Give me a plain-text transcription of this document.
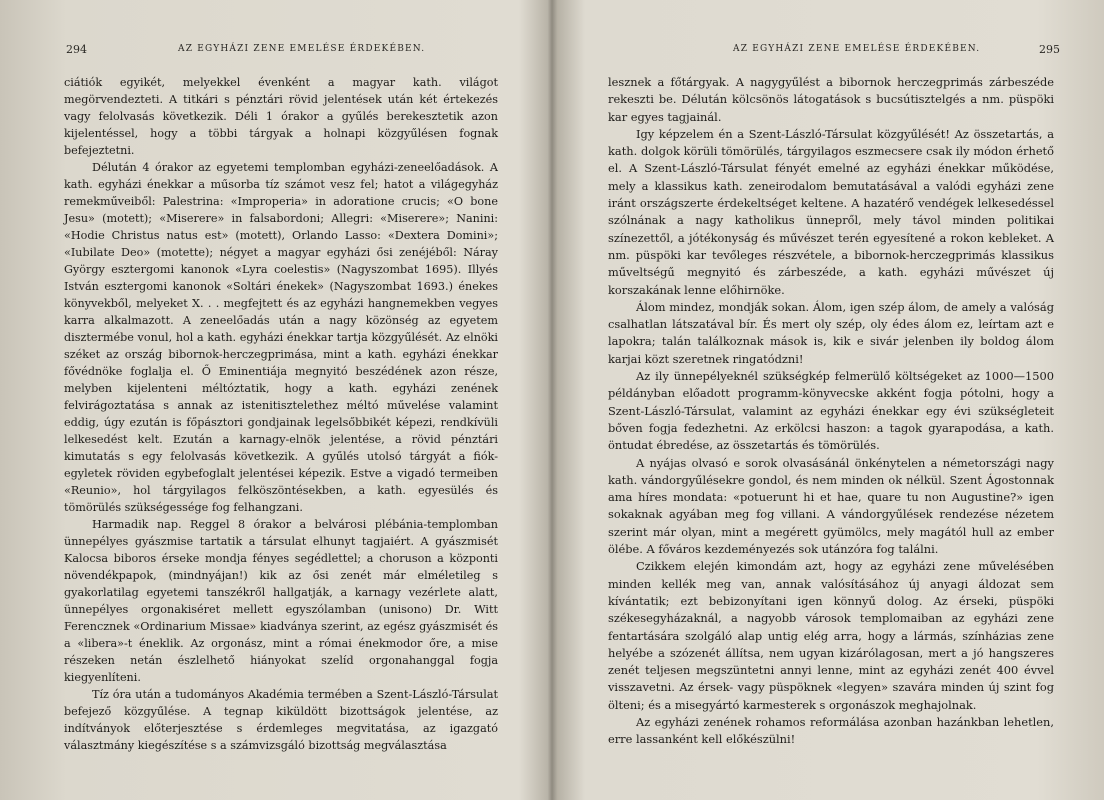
294	AZ EGYHÁZI ZENE EMELÉSE ÉRDEKÉBEN.

ciátiók egyikét, melyekkel évenként a magyar kath. világot megörvendezteti. A titkári s pénztári rövid jelentések után két értekezés vagy felolvasás következik. Déli 1 órakor a gyűlés berekesztetik azon kijelentéssel, hogy a többi tárgyak a holnapi közgyűlésen fognak befejeztetni.

Délután 4 órakor az egyetemi templomban egyházi-zeneelőadások. A kath. egyházi énekkar a műsorba tíz számot vesz fel; hatot a világegyház remekműveiből: Palestrina: «Improperia» in adoratione crucis; «O bone Jesu» (motett); «Miserere» in falsabordoni; Allegri: «Miserere»; Nanini: «Hodie Christus natus est» (motett), Orlando Lasso: «Dextera Domini»; «Iubilate Deo» (motette); négyet a magyar egyházi ősi zenéjéből: Náray György esztergomi kanonok «Lyra coelestis» (Nagyszombat 1695). Illyés István esztergomi kanonok «Soltári énekek» (Nagyszombat 1693.) énekes könyvekből, melyeket X. . . megfejtett és az egyházi hangnemekben vegyes karra alkalmazott. A zeneelőadás után a nagy közönség az egyetem disztermébe vonul, hol a kath. egyházi énekkar tartja közgyűlését. Az elnöki széket az ország bibornok-herczegprimása, mint a kath. egyházi énekkar fővédnöke foglalja el. Ő Eminentiája megnyitó beszédének azon része, melyben kijelenteni méltóztatik, hogy a kath. egyházi zenének felvirágoztatása s annak az istenitisztelethez méltó művelése valamint eddig, úgy ezután is főpásztori gondjainak legelsőbbikét képezi, rendkívüli lelkesedést kelt. Ezután a karnagy-elnök jelentése, a rövid pénztári kimutatás s egy felolvasás következik. A gyűlés utolsó tárgyát a fiók-egyletek röviden egybefoglalt jelentései képezik. Estve a vigadó termeiben «Reunio», hol tárgyilagos felköszöntésekben, a kath. egyesülés és tömörülés szükségessége fog felhangzani.

Harmadik nap. Reggel 8 órakor a belvárosi plébánia-templomban ünnepélyes gyászmise tartatik a társulat elhunyt tagjaiért. A gyászmisét Kalocsa biboros érseke mondja fényes segédlettel; a choruson a központi növendékpapok, (mindnyájan!) kik az ősi zenét már elméletileg s gyakorlatilag egyetemi tanszékről hallgatják, a karnagy vezérlete alatt, ünnepélyes orgonakiséret mellett egyszólamban (unisono) Dr. Witt Ferencznek «Ordinarium Missae» kiadványa szerint, az egész gyászmisét és a «libera»-t éneklik. Az orgonász, mint a római énekmodor őre, a mise részeken netán észlelhető hiányokat szelíd orgonahanggal fogja kiegyenlíteni.

Tíz óra után a tudományos Akadémia termében a Szent-László-Társulat befejező közgyűlése. A tegnap kiküldött bizottságok jelentése, az indítványok előterjesztése s érdemleges megvitatása, az igazgató választmány kiegészítése s a számvizsgáló bizottság megválasztása

AZ EGYHÁZI ZENE EMELÉSE ÉRDEKÉBEN.	295

lesznek a főtárgyak. A nagygyűlést a bibornok herczegprimás zárbeszéde rekeszti be. Délután kölcsönös látogatások s bucsútisztelgés a nm. püspöki kar egyes tagjainál.

Igy képzelem én a Szent-László-Társulat közgyűlését! Az összetartás, a kath. dolgok körüli tömörülés, tárgyilagos eszmecsere csak ily módon érhető el. A Szent-László-Társulat fényét emelné az egyházi énekkar működése, mely a klassikus kath. zeneirodalom bemutatásával a valódi egyházi zene iránt országszerte érdekeltséget keltene. A hazatérő vendégek lelkesedéssel szólnának a nagy katholikus ünnepről, mely távol minden politikai színezettől, a jótékonyság és művészet terén egyesítené a rokon kebleket. A nm. püspöki kar tevőleges részvétele, a bibornok-herczegprimás klassikus műveltségű megnyitó és zárbeszéde, a kath. egyházi művészet új korszakának lenne előhirnöke.

Álom mindez, mondják sokan. Álom, igen szép álom, de amely a valóság csalhatlan látszatával bír. És mert oly szép, oly édes álom ez, leírtam azt e lapokra; talán találkoznak mások is, kik e sivár jelenben ily boldog álom karjai közt szeretnek ringatódzni!

Az ily ünnepélyeknél szükségkép felmerülő költségeket az 1000—1500 példányban előadott programm-könyvecske akként fogja pótolni, hogy a Szent-László-Társulat, valamint az egyházi énekkar egy évi szükségleteit bőven fogja fedezhetni. Az erkölcsi haszon: a tagok gyarapodása, a kath. öntudat ébredése, az összetartás és tömörülés.

A nyájas olvasó e sorok olvasásánál önkénytelen a németországi nagy kath. vándorgyűlésekre gondol, és nem minden ok nélkül. Szent Ágostonnak ama híres mondata: «potuerunt hi et hae, quare tu non Augustine?» igen sokaknak agyában meg fog villani. A vándorgyűlések rendezése nézetem szerint már olyan, mint a megérett gyümölcs, mely magától hull az ember ölébe. A főváros kezdeményezés sok utánzóra fog találni.

Czikkem elején kimondám azt, hogy az egyházi zene művelésében minden kellék meg van, annak valósításához új anyagi áldozat sem kívántatik; ezt bebizonyítani igen könnyű dolog. Az érseki, püspöki székesegyházaknál, a nagyobb városok templomaiban az egyházi zene fentartására szolgáló alap untig elég arra, hogy a lármás, színházias zene helyébe a szózenét állítsa, nem ugyan kizárólagosan, mert a jó hangszeres zenét teljesen megszüntetni annyi lenne, mint az egyházi zenét 400 évvel visszavetni. Az érsek- vagy püspöknek «legyen» szavára minden új szint fog ölteni; és a misegyártó karmesterek s orgonászok meghajolnak.

Az egyházi zenének rohamos reformálása azonban hazánkban lehetlen, erre lassanként kell előkészülni!
